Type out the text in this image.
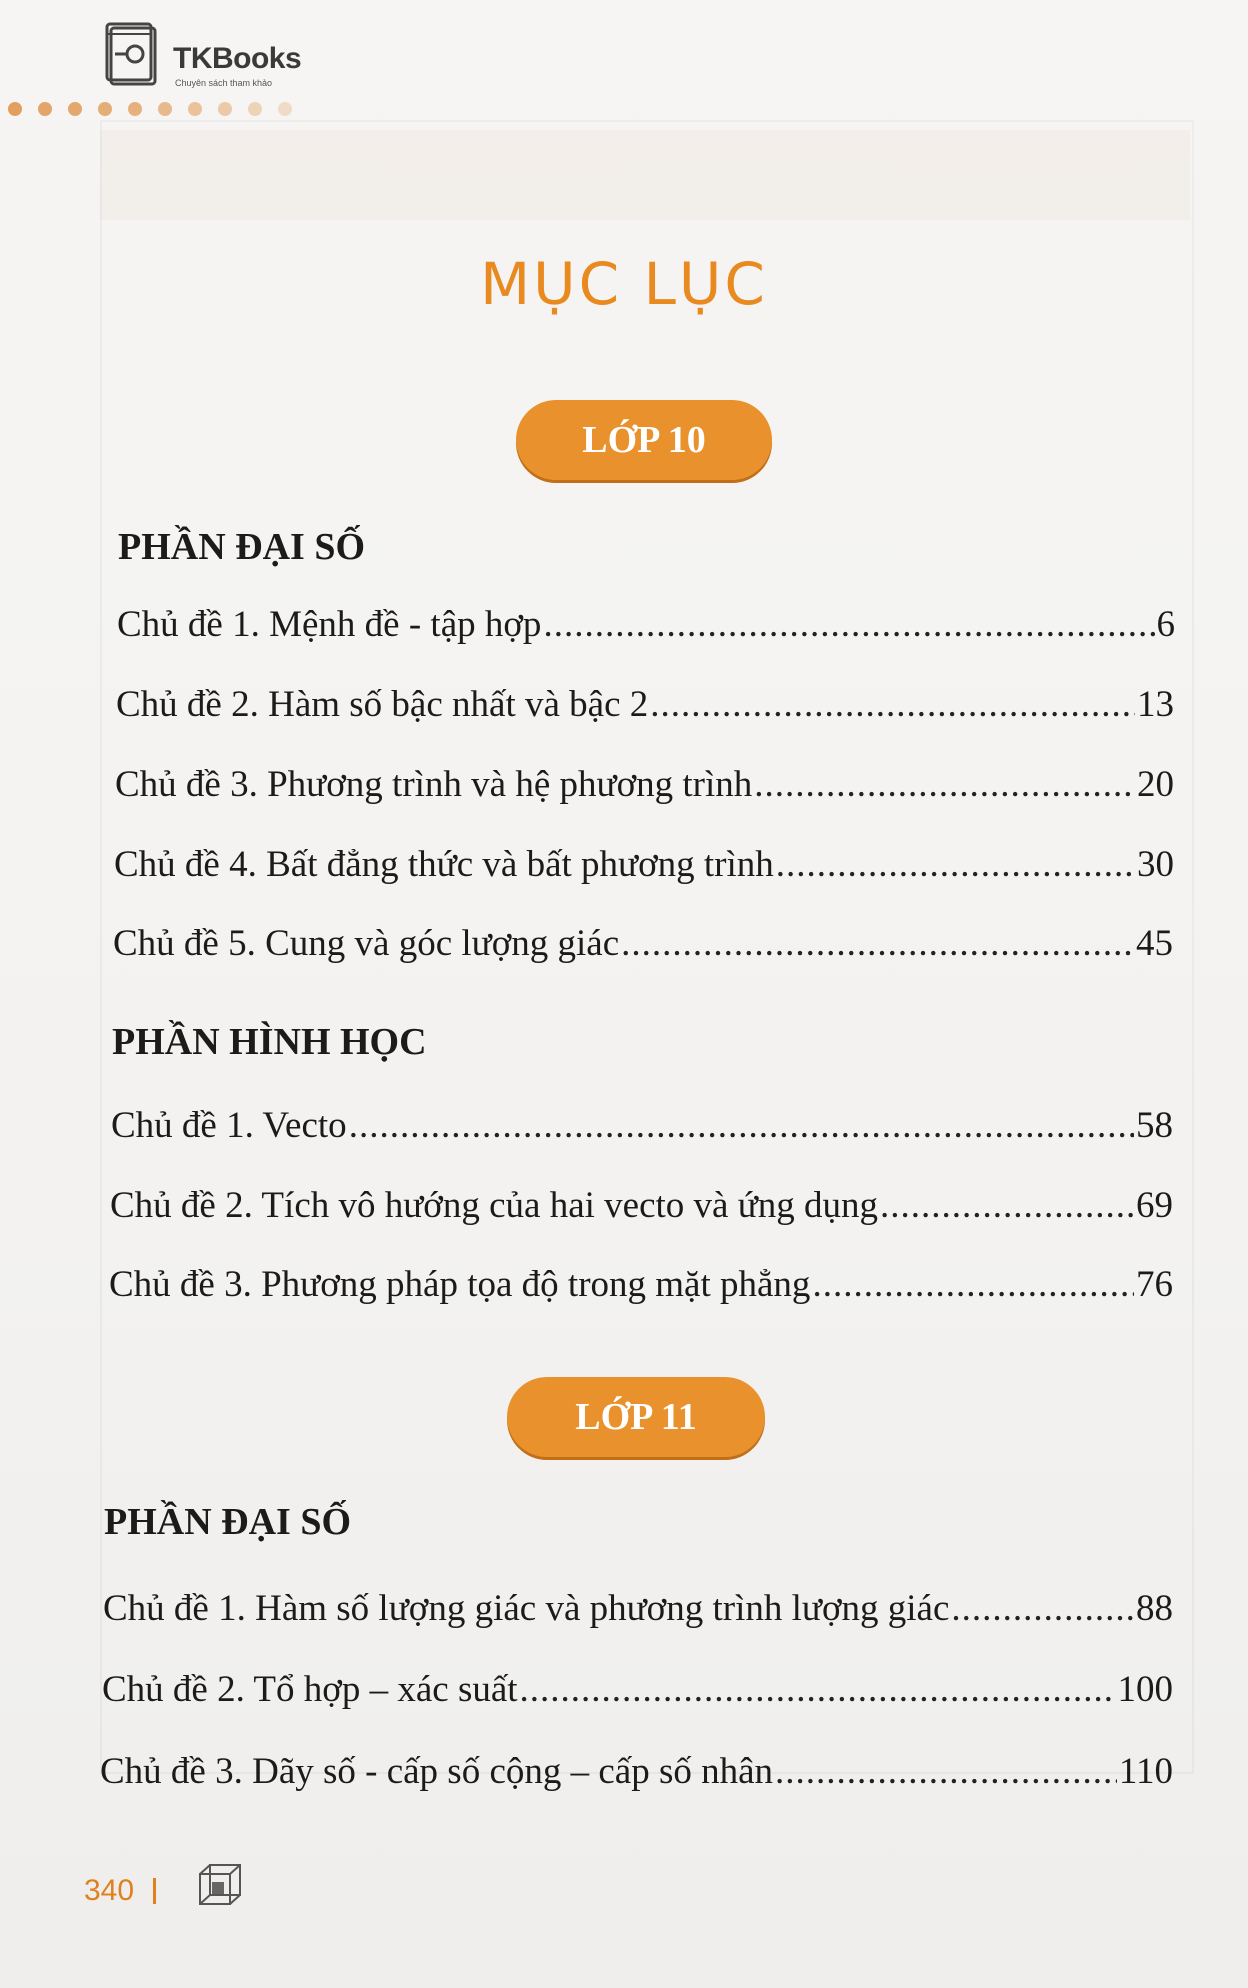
TKBooks
Chuyên sách tham khảo
MỤC LỤC
LỚP 10
PHẦN ĐẠI SỐ
Chủ đề 1. Mệnh đề - tập hợp .....	6
Chủ đề 2. Hàm số bậc nhất và bậc 2 .....	13
Chủ đề 3. Phương trình và hệ phương trình .....	20
Chủ đề 4. Bất đẳng thức và bất phương trình .....	30
Chủ đề 5. Cung và góc lượng giác .....	45
PHẦN HÌNH HỌC
Chủ đề 1. Vecto .....	58
Chủ đề 2. Tích vô hướng của hai vecto và ứng dụng .....	69
Chủ đề 3. Phương pháp tọa độ trong mặt phẳng .....	76
LỚP 11
PHẦN ĐẠI SỐ
Chủ đề 1. Hàm số lượng giác và phương trình lượng giác .....	88
Chủ đề 2. Tổ hợp – xác suất .....	100
Chủ đề 3. Dãy số - cấp số cộng – cấp số nhân .....	110
340
